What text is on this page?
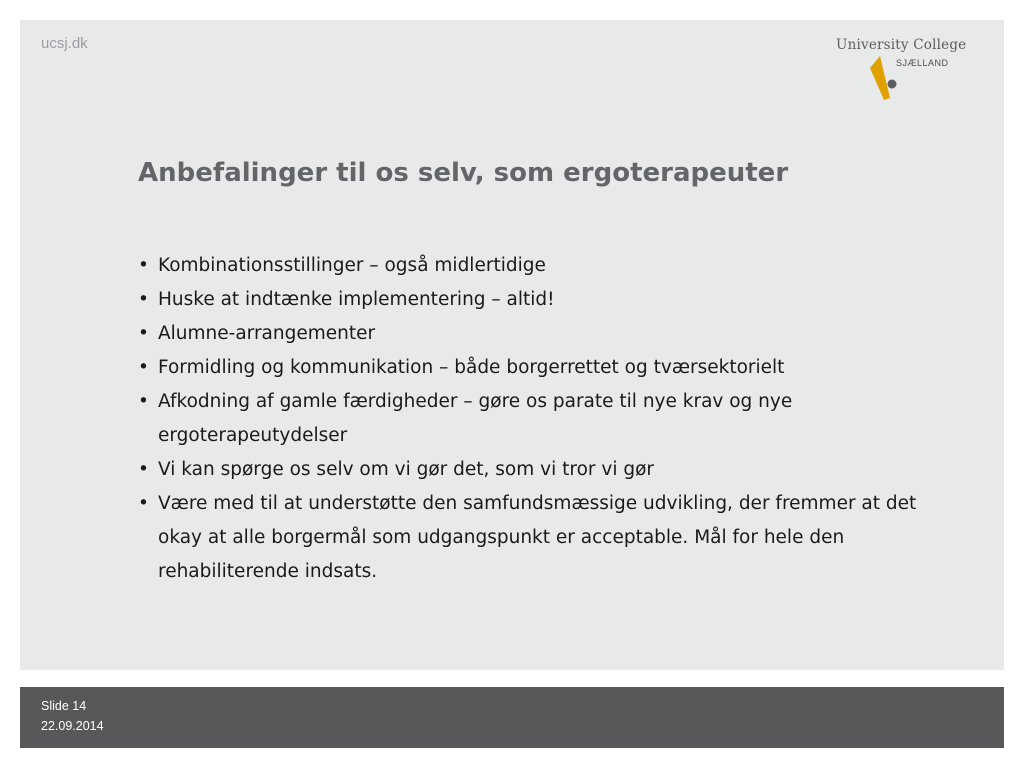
ucsj.dk	University College
SJÆLLAND
Anbefalinger til os selv, som ergoterapeuter
• Kombinationsstillinger – også midlertidige
• Huske at indtænke implementering – altid!
• Alumne-arrangementer
• Formidling og kommunikation – både borgerrettet og tværsektorielt
• Afkodning af gamle færdigheder – gøre os parate til nye krav og nye ergoterapeutydelser
• Vi kan spørge os selv om vi gør det, som vi tror vi gør
• Være med til at understøtte den samfundsmæssige udvikling, der fremmer at det okay at alle borgermål som udgangspunkt er acceptable. Mål for hele den rehabiliterende indsats.
Slide 14
22.09.2014
